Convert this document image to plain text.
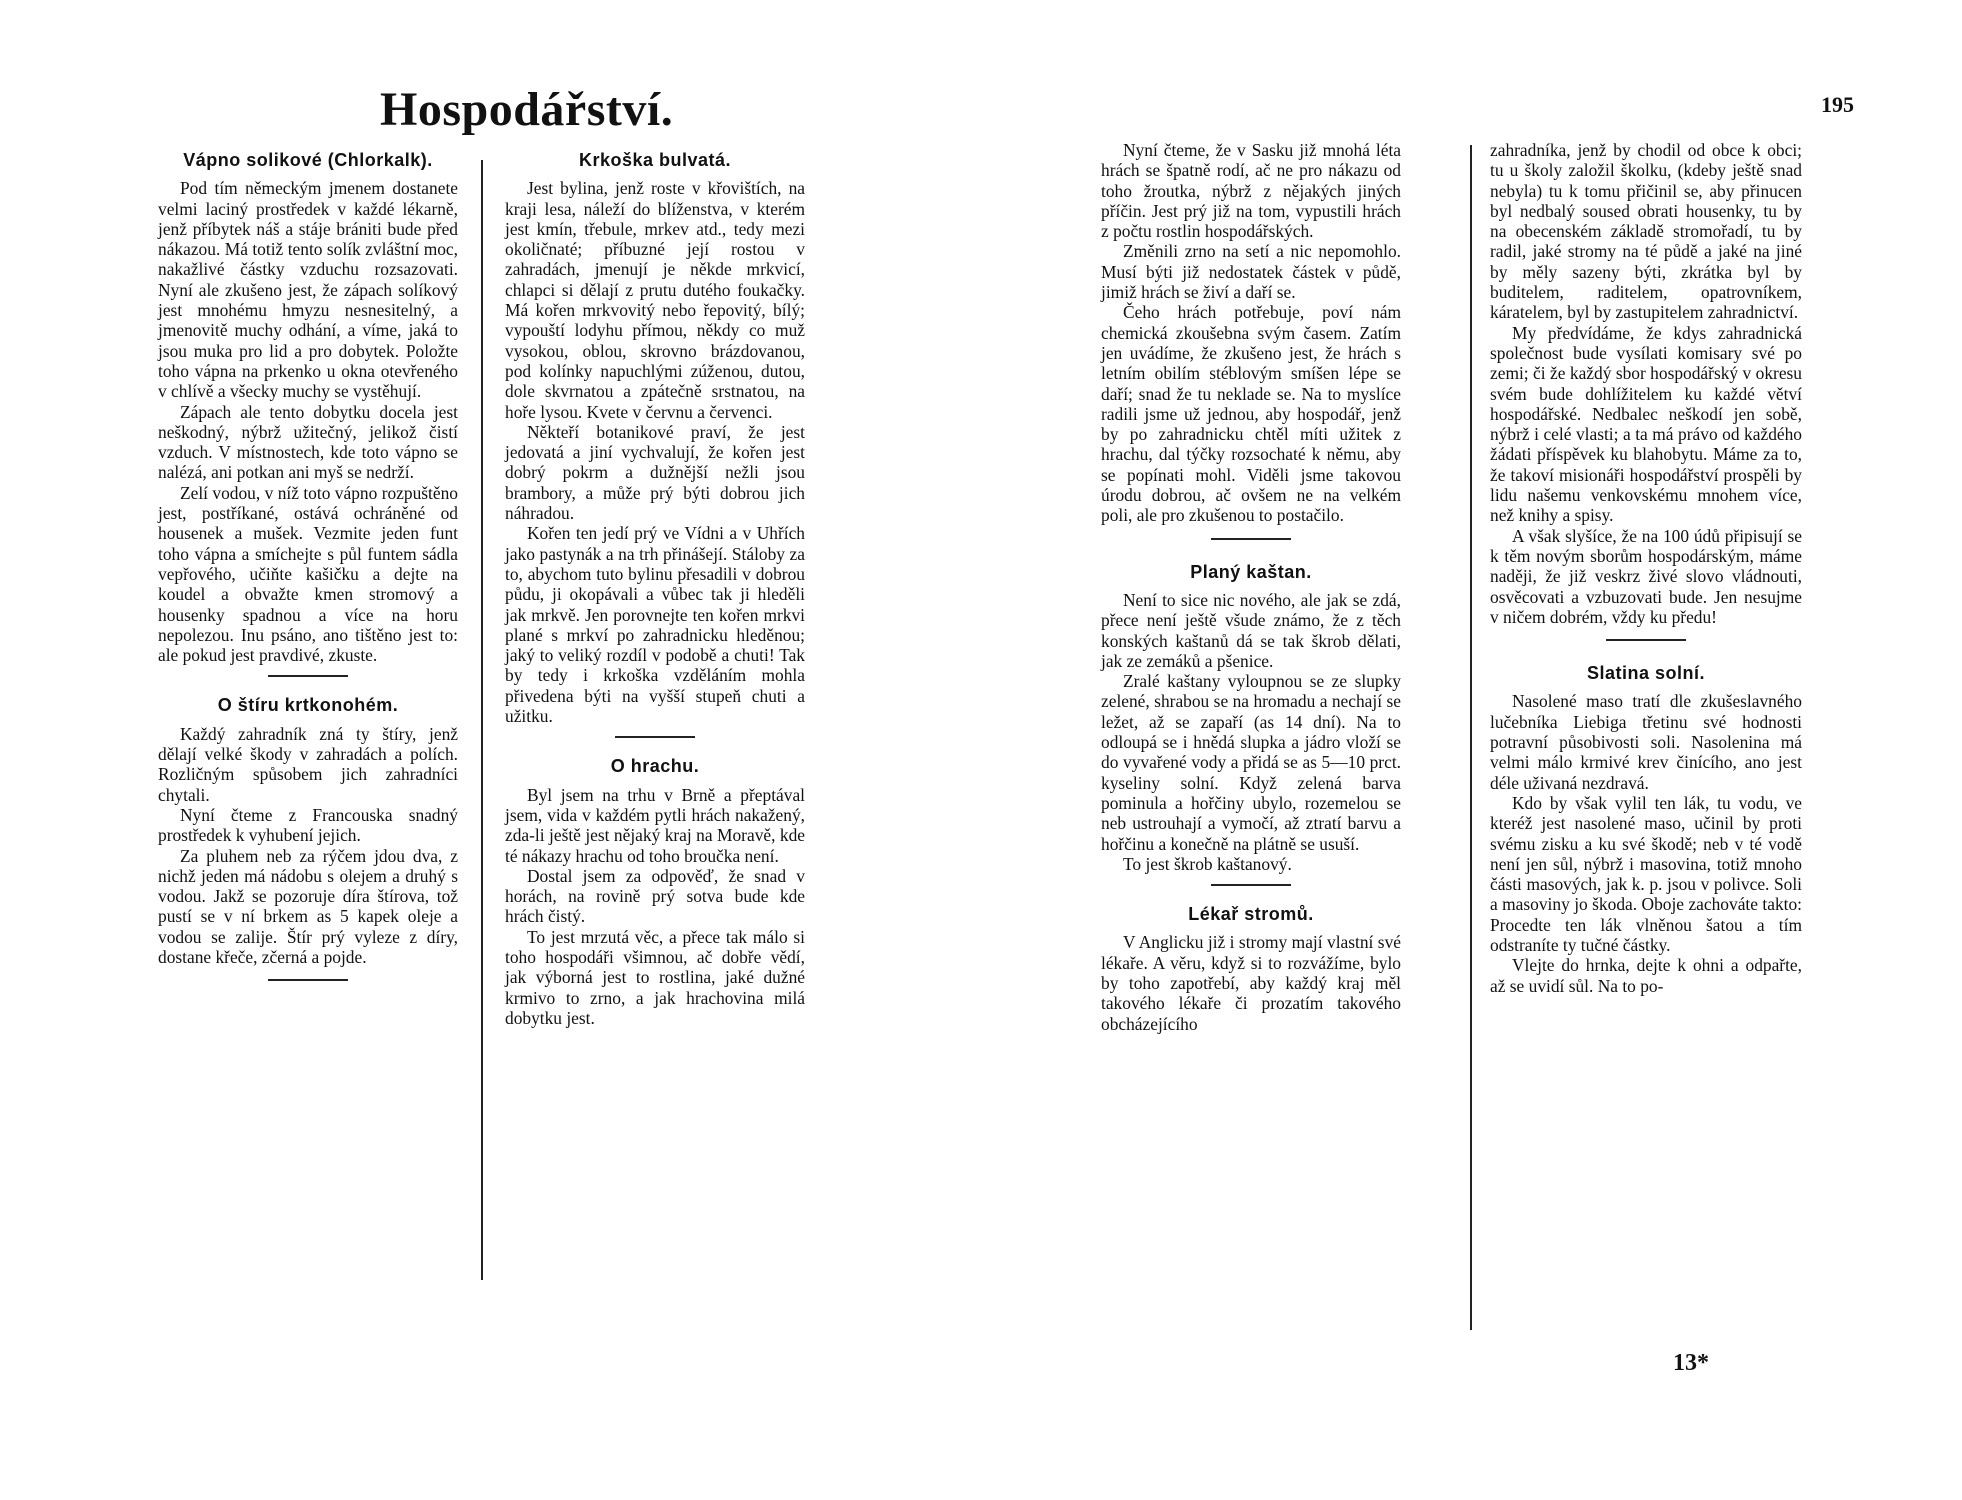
Hospodářství.
Vápno solikové (Chlorkalk).

Pod tím německým jmenem dostanete velmi laciný prostředek v každé lékarně, jenž příbytek náš a stáje brániti bude před nákazou. Má totiž tento solík zvláštní moc, nakažlivé částky vzduchu rozsazovati. Nyní ale zkušeno jest, že zápach solíkový jest mnohému hmyzu nesnesitelný, a jmenovitě muchy odhání, a víme, jaká to jsou muka pro lid a pro dobytek. Položte toho vápna na prkenko u okna otevřeného v chlívě a všecky muchy se vystěhují.

Zápach ale tento dobytku docela jest neškodný, nýbrž užitečný, jelikož čistí vzduch. V místnostech, kde toto vápno se nalézá, ani potkan ani myš se nedrží.

Zelí vodou, v níž toto vápno rozpuštěno jest, postříkané, ostává ochráněné od housenek a mušek. Vezmite jeden funt toho vápna a smíchejte s půl funtem sádla vepřového, učiňte kašičku a dejte na koudel a obvažte kmen stromový a housenky spadnou a více na horu nepolezou. Inu psáno, ano tištěno jest to: ale pokud jest pravdivé, zkuste.

O štíru krtkonohém.

Každý zahradník zná ty štíry, jenž dělají velké škody v zahradách a polích. Rozličným spůsobem jich zahradníci chytali.

Nyní čteme z Francouska snadný prostředek k vyhubení jejich.

Za pluhem neb za rýčem jdou dva, z nichž jeden má nádobu s olejem a druhý s vodou. Jakž se pozoruje díra štírova, tož pustí se v ní brkem as 5 kapek oleje a vodou se zalije. Štír prý vyleze z díry, dostane křeče, zčerná a pojde.

Krkoška bulvatá.

Jest bylina, jenž roste v křovištích, na kraji lesa, náleží do blíženstva, v kterém jest kmín, třebule, mrkev atd., tedy mezi okoličnaté; příbuzné její rostou v zahradách, jmenují je někde mrkvicí, chlapci si dělají z prutu dutého foukačky. Má kořen mrkvovitý nebo řepovitý, bílý; vypouští lodyhu přímou, někdy co muž vysokou, oblou, skrovno brázdovanou, pod kolínky napuchlými zúženou, dutou, dole skvrnatou a zpátečně srstnatou, na hoře lysou. Kvete v červnu a červenci.

Někteří botanikové praví, že jest jedovatá a jiní vychvalují, že kořen jest dobrý pokrm a dužnější nežli jsou brambory, a může prý býti dobrou jich náhradou.

Kořen ten jedí prý ve Vídni a v Uhřích jako pastynák a na trh přinášejí. Stáloby za to, abychom tuto bylinu přesadili v dobrou půdu, ji okopávali a vůbec tak ji hleděli jak mrkvě. Jen porovnejte ten kořen mrkvi plané s mrkví po zahradnicku hleděnou; jaký to veliký rozdíl v podobě a chuti! Tak by tedy i krkoška vzděláním mohla přivedena býti na vyšší stupeň chuti a užitku.

O hrachu.

Byl jsem na trhu v Brně a přeptával jsem, vida v každém pytli hrách nakažený, zda-li ještě jest nějaký kraj na Moravě, kde té nákazy hrachu od toho broučka není.

Dostal jsem za odpověď, že snad v horách, na rovině prý sotva bude kde hrách čistý.

To jest mrzutá věc, a přece tak málo si toho hospodáři všimnou, ač dobře vědí, jak výborná jest to rostlina, jaké dužné krmivo to zrno, a jak hrachovina milá dobytku jest.

195

Nyní čteme, že v Sasku již mnohá léta hrách se špatně rodí, ač ne pro nákazu od toho žroutka, nýbrž z nějakých jiných příčin. Jest prý již na tom, vypustili hrách z počtu rostlin hospodářských.

Změnili zrno na setí a nic nepomohlo. Musí býti již nedostatek částek v půdě, jimiž hrách se živí a daří se.

Čeho hrách potřebuje, poví nám chemická zkoušebna svým časem. Zatím jen uvádíme, že zkušeno jest, že hrách s letním obilím stéblovým smíšen lépe se daří; snad že tu neklade se. Na to myslíce radili jsme už jednou, aby hospodář, jenž by po zahradnicku chtěl míti užitek z hrachu, dal týčky rozsochaté k němu, aby se popínati mohl. Viděli jsme takovou úrodu dobrou, ač ovšem ne na velkém poli, ale pro zkušenou to postačilo.

Planý kaštan.

Není to sice nic nového, ale jak se zdá, přece není ještě všude známo, že z těch konských kaštanů dá se tak škrob dělati, jak ze zemáků a pšenice.

Zralé kaštany vyloupnou se ze slupky zelené, shrabou se na hromadu a nechají se ležet, až se zapaří (as 14 dní). Na to odloupá se i hnědá slupka a jádro vloží se do vyvařené vody a přidá se as 5—10 prct. kyseliny solní. Když zelená barva pominula a hořčiny ubylo, rozemelou se neb ustrouhají a vymočí, až ztratí barvu a hořčinu a konečně na plátně se usuší.

To jest škrob kaštanový.

Lékař stromů.

V Anglicku již i stromy mají vlastní své lékaře. A věru, když si to rozvážíme, bylo by toho zapotřebí, aby každý kraj měl takového lékaře či prozatím takového obcházejícího

zahradníka, jenž by chodil od obce k obci; tu u školy založil školku, (kdeby ještě snad nebyla) tu k tomu přičinil se, aby přinucen byl nedbalý soused obrati housenky, tu by na obecenském základě stromořadí, tu by radil, jaké stromy na té půdě a jaké na jiné by měly sazeny býti, zkrátka byl by buditelem, raditelem, opatrovníkem, káratelem, byl by zastupitelem zahradnictví.

My předvídáme, že kdys zahradnická společnost bude vysílati komisary své po zemi; či že každý sbor hospodářský v okresu svém bude dohlížitelem ku každé větví hospodářské. Nedbalec neškodí jen sobě, nýbrž i celé vlasti; a ta má právo od každého žádati příspěvek ku blahobytu. Máme za to, že takoví misionáři hospodářství prospěli by lidu našemu venkovskému mnohem více, než knihy a spisy.

A však slyšíce, že na 100 údů připisují se k těm novým sborům hospodárským, máme naději, že již veskrz živé slovo vládnouti, osvěcovati a vzbuzovati bude. Jen nesujme v ničem dobrém, vždy ku předu!

Slatina solní.

Nasolené maso tratí dle zkušeslavného lučebníka Liebiga třetinu své hodnosti potravní působivosti soli. Nasolenina má velmi málo krmivé krev činícího, ano jest déle uživaná nezdravá.

Kdo by však vylil ten lák, tu vodu, ve kteréž jest nasolené maso, učinil by proti svému zisku a ku své škodě; neb v té vodě není jen sůl, nýbrž i masovina, totiž mnoho části masových, jak k. p. jsou v polivce. Soli a masoviny jo škoda. Oboje zachováte takto: Procedte ten lák vlněnou šatou a tím odstraníte ty tučné částky.

Vlejte do hrnka, dejte k ohni a odpařte, až se uvidí sůl. Na to po-

13*
